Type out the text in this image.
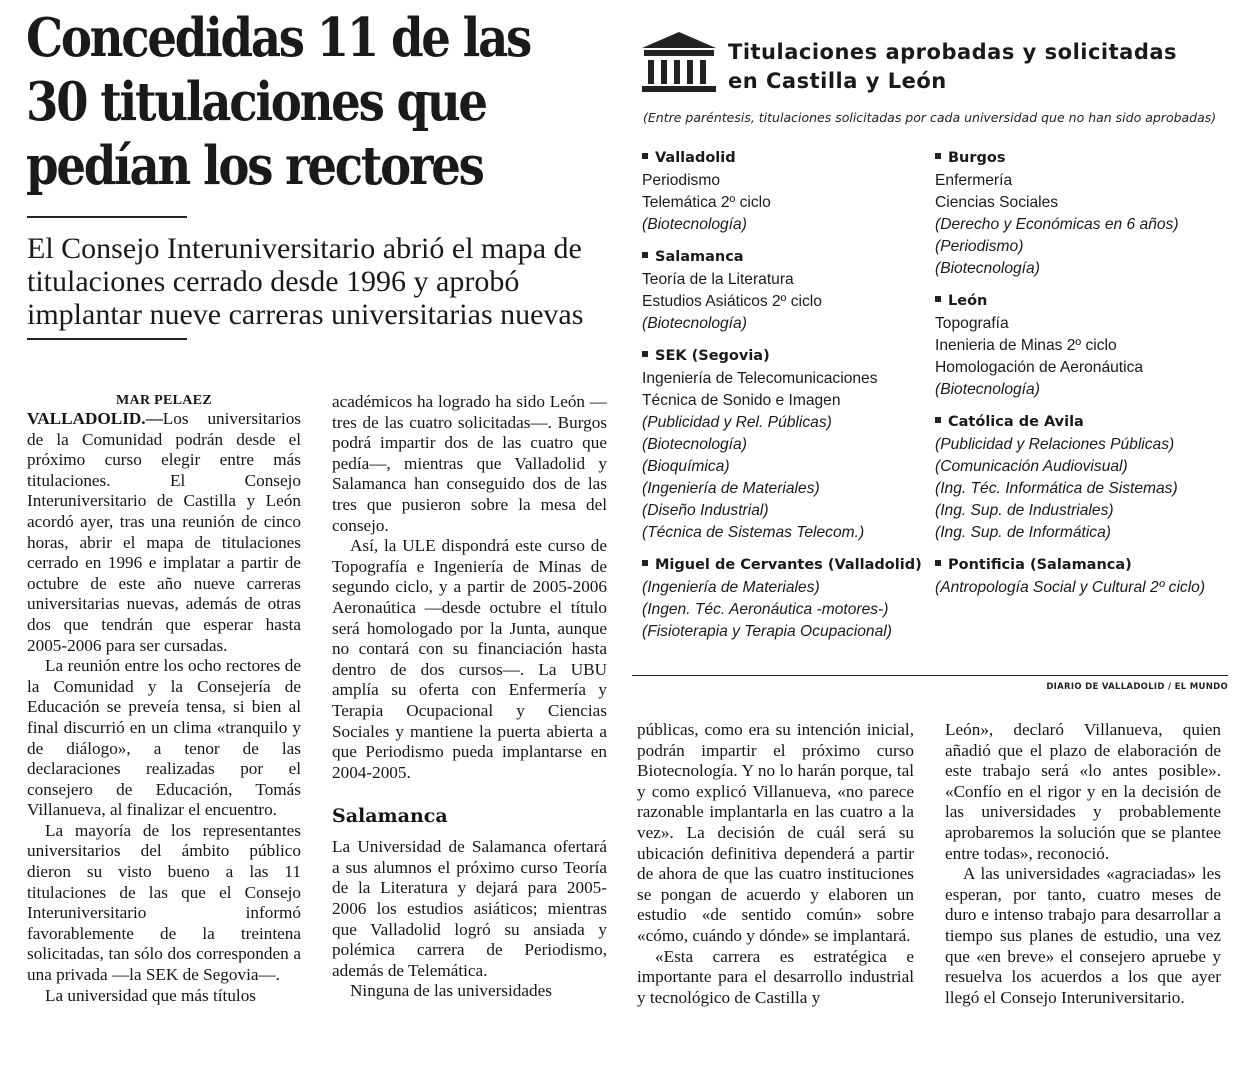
Concedidas 11 de las
30 titulaciones que
pedían los rectores
El Consejo Interuniversitario abrió el mapa de
titulaciones cerrado desde 1996 y aprobó
implantar nueve carreras universitarias nuevas
MAR PELAEZ

VALLADOLID.—Los universitarios de la Comunidad podrán desde el próximo curso elegir entre más titulaciones. El Consejo Interuniversitario de Castilla y León acordó ayer, tras una reunión de cinco horas, abrir el mapa de titulaciones cerrado en 1996 e implatar a partir de octubre de este año nueve carreras universitarias nuevas, además de otras dos que tendrán que esperar hasta 2005-2006 para ser cursadas.

La reunión entre los ocho rectores de la Comunidad y la Consejería de Educación se preveía tensa, si bien al final discurrió en un clima «tranquilo y de diálogo», a tenor de las declaraciones realizadas por el consejero de Educación, Tomás Villanueva, al finalizar el encuentro.

La mayoría de los representantes universitarios del ámbito público dieron su visto bueno a las 11 titulaciones de las que el Consejo Interuniversitario informó favorablemente de la treintena solicitadas, tan sólo dos corresponden a una privada —la SEK de Segovia—.

La universidad que más títulos

académicos ha logrado ha sido León —tres de las cuatro solicitadas—. Burgos podrá impartir dos de las cuatro que pedía—, mientras que Valladolid y Salamanca han conseguido dos de las tres que pusieron sobre la mesa del consejo.

Así, la ULE dispondrá este curso de Topografía e Ingeniería de Minas de segundo ciclo, y a partir de 2005-2006 Aeronaútica —desde octubre el título será homologado por la Junta, aunque no contará con su financiación hasta dentro de dos cursos—. La UBU amplía su oferta con Enfermería y Terapia Ocupacional y Ciencias Sociales y mantiene la puerta abierta a que Periodismo pueda implantarse en 2004-2005.

Salamanca

La Universidad de Salamanca ofertará a sus alumnos el próximo curso Teoría de la Literatura y dejará para 2005-2006 los estudios asiáticos; mientras que Valladolid logró su ansiada y polémica carrera de Periodismo, además de Telemática.

Ninguna de las universidades

Titulaciones aprobadas y solicitadas
en Castilla y León
(Entre paréntesis, titulaciones solicitadas por cada universidad que no han sido aprobadas)
Valladolid
Periodismo
Telemática 2º ciclo
(Biotecnología)
Salamanca
Teoría de la Literatura
Estudios Asiáticos 2º ciclo
(Biotecnología)
SEK (Segovia)
Ingeniería de Telecomunicaciones
Técnica de Sonido e Imagen
(Publicidad y Rel. Públicas)
(Biotecnología)
(Bioquímica)
(Ingeniería de Materiales)
(Diseño Industrial)
(Técnica de Sistemas Telecom.)
Miguel de Cervantes (Valladolid)
(Ingeniería de Materiales)
(Ingen. Téc. Aeronáutica -motores-)
(Fisioterapia y Terapia Ocupacional)
Burgos
Enfermería
Ciencias Sociales
(Derecho y Económicas en 6 años)
(Periodismo)
(Biotecnología)
León
Topografía
Inenieria de Minas 2º ciclo
Homologación de Aeronáutica
(Biotecnología)
Católica de Avila
(Publicidad y Relaciones Públicas)
(Comunicación Audiovisual)
(Ing. Téc. Informática de Sistemas)
(Ing. Sup. de Industriales)
(Ing. Sup. de Informática)
Pontificia (Salamanca)
(Antropología Social y Cultural 2º ciclo)
DIARIO DE VALLADOLID / EL MUNDO

públicas, como era su intención inicial, podrán impartir el próximo curso Biotecnología. Y no lo harán porque, tal y como explicó Villanueva, «no parece razonable implantarla en las cuatro a la vez». La decisión de cuál será su ubicación definitiva dependerá a partir de ahora de que las cuatro instituciones se pongan de acuerdo y elaboren un estudio «de sentido común» sobre «cómo, cuándo y dónde» se implantará.

«Esta carrera es estratégica e importante para el desarrollo industrial y tecnológico de Castilla y

León», declaró Villanueva, quien añadió que el plazo de elaboración de este trabajo será «lo antes posible». «Confío en el rigor y en la decisión de las universidades y probablemente aprobaremos la solución que se plantee entre todas», reconoció.

A las universidades «agraciadas» les esperan, por tanto, cuatro meses de duro e intenso trabajo para desarrollar a tiempo sus planes de estudio, una vez que «en breve» el consejero apruebe y resuelva los acuerdos a los que ayer llegó el Consejo Interuniversitario.
